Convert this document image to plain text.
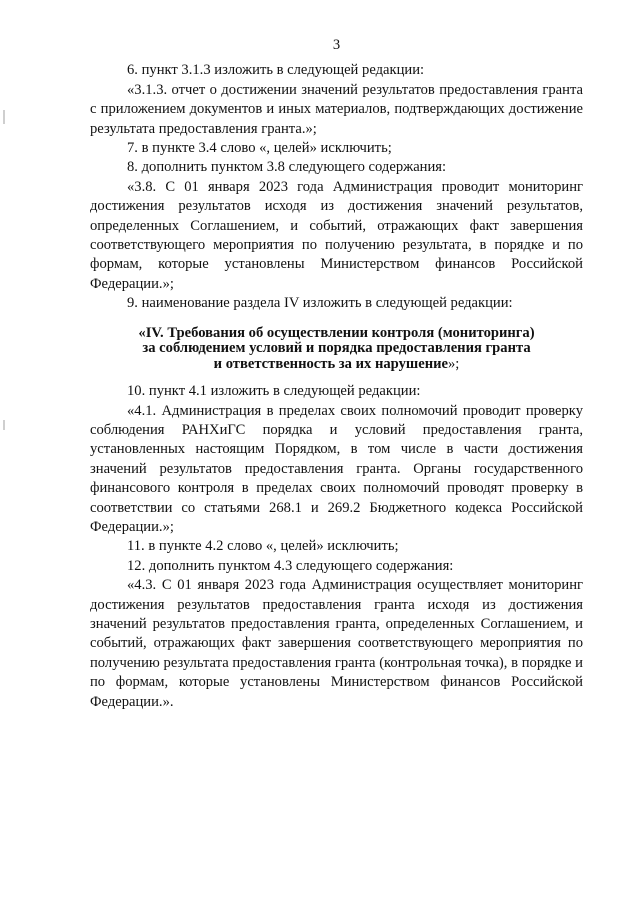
3

6. пункт 3.1.3 изложить в следующей редакции:

«3.1.3. отчет о достижении значений результатов предоставления гранта с приложением документов и иных материалов, подтверждающих достижение результата предоставления гранта.»;

7. в пункте 3.4 слово «, целей» исключить;

8. дополнить пунктом 3.8 следующего содержания:

«3.8. С 01 января 2023 года Администрация проводит мониторинг достижения результатов исходя из достижения значений результатов, определенных Соглашением, и событий, отражающих факт завершения соответствующего мероприятия по получению результата, в порядке и по формам, которые установлены Министерством финансов Российской Федерации.»;

9. наименование раздела IV изложить в следующей редакции:

«IV. Требования об осуществлении контроля (мониторинга)
за соблюдением условий и порядка предоставления гранта
и ответственность за их нарушение»;

10. пункт 4.1 изложить в следующей редакции:

«4.1. Администрация в пределах своих полномочий проводит проверку соблюдения РАНХиГС порядка и условий предоставления гранта, установленных настоящим Порядком, в том числе в части достижения значений результатов предоставления гранта. Органы государственного финансового контроля в пределах своих полномочий проводят проверку в соответствии со статьями 268.1 и 269.2 Бюджетного кодекса Российской Федерации.»;

11. в пункте 4.2 слово «, целей» исключить;

12. дополнить пунктом 4.3 следующего содержания:

«4.3. С 01 января 2023 года Администрация осуществляет мониторинг достижения результатов предоставления гранта исходя из достижения значений результатов предоставления гранта, определенных Соглашением, и событий, отражающих факт завершения соответствующего мероприятия по получению результата предоставления гранта (контрольная точка), в порядке и по формам, которые установлены Министерством финансов Российской Федерации.».
